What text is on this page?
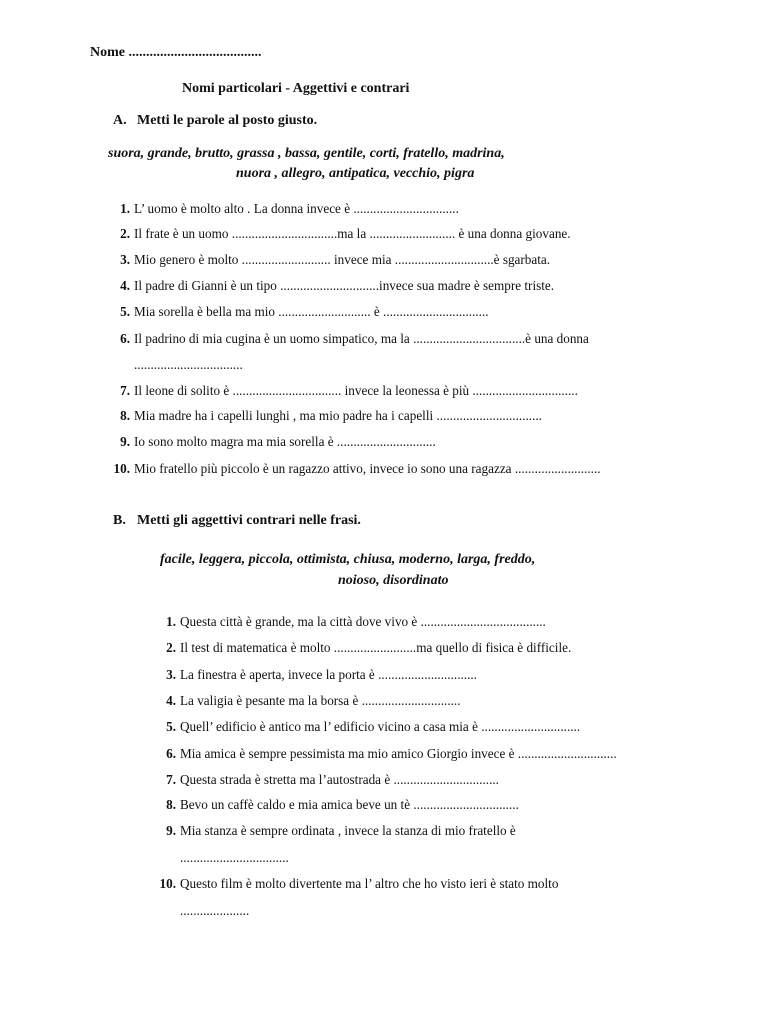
Nome ......................................
Nomi particolari - Aggettivi e contrari
A. Metti le parole al posto giusto.
suora, grande, brutto, grassa , bassa, gentile, corti, fratello, madrina,
nuora , allegro, antipatica, vecchio, pigra
1. L’ uomo è molto alto . La donna invece è ................................
2. Il frate è un uomo ................................ma la .......................... è una donna giovane.
3. Mio genero è molto ........................... invece mia ..............................è sgarbata.
4. Il padre di Gianni è un tipo ..............................invece sua madre è sempre triste.
5. Mia sorella è bella ma mio ............................ è ................................
6. Il padrino di mia cugina è un uomo simpatico, ma la ..................................è una donna
.................................
7. Il leone di solito è ................................. invece la leonessa è più ................................
8. Mia madre ha i capelli lunghi , ma mio padre ha i capelli ................................
9. Io sono molto magra ma mia sorella è ..............................
10. Mio fratello più piccolo è un ragazzo attivo, invece io sono una ragazza ..........................
B. Metti gli aggettivi contrari nelle frasi.
facile, leggera, piccola, ottimista, chiusa, moderno, larga, freddo,
noioso, disordinato
1. Questa città è grande, ma la città dove vivo è ......................................
2. Il test di matematica è molto .........................ma quello di fisica è difficile.
3. La finestra è aperta, invece la porta è ..............................
4. La valigia è pesante ma la borsa è ..............................
5. Quell’ edificio è antico ma l’ edificio vicino a casa mia è ..............................
6. Mia amica è sempre pessimista ma mio amico Giorgio invece è ..............................
7. Questa strada è stretta ma l’autostrada è ................................
8. Bevo un caffè caldo e mia amica beve un tè ................................
9. Mia stanza è sempre ordinata , invece la stanza di mio fratello è
.................................
10. Questo film è molto divertente ma l’ altro che ho visto ieri è stato molto
.....................
